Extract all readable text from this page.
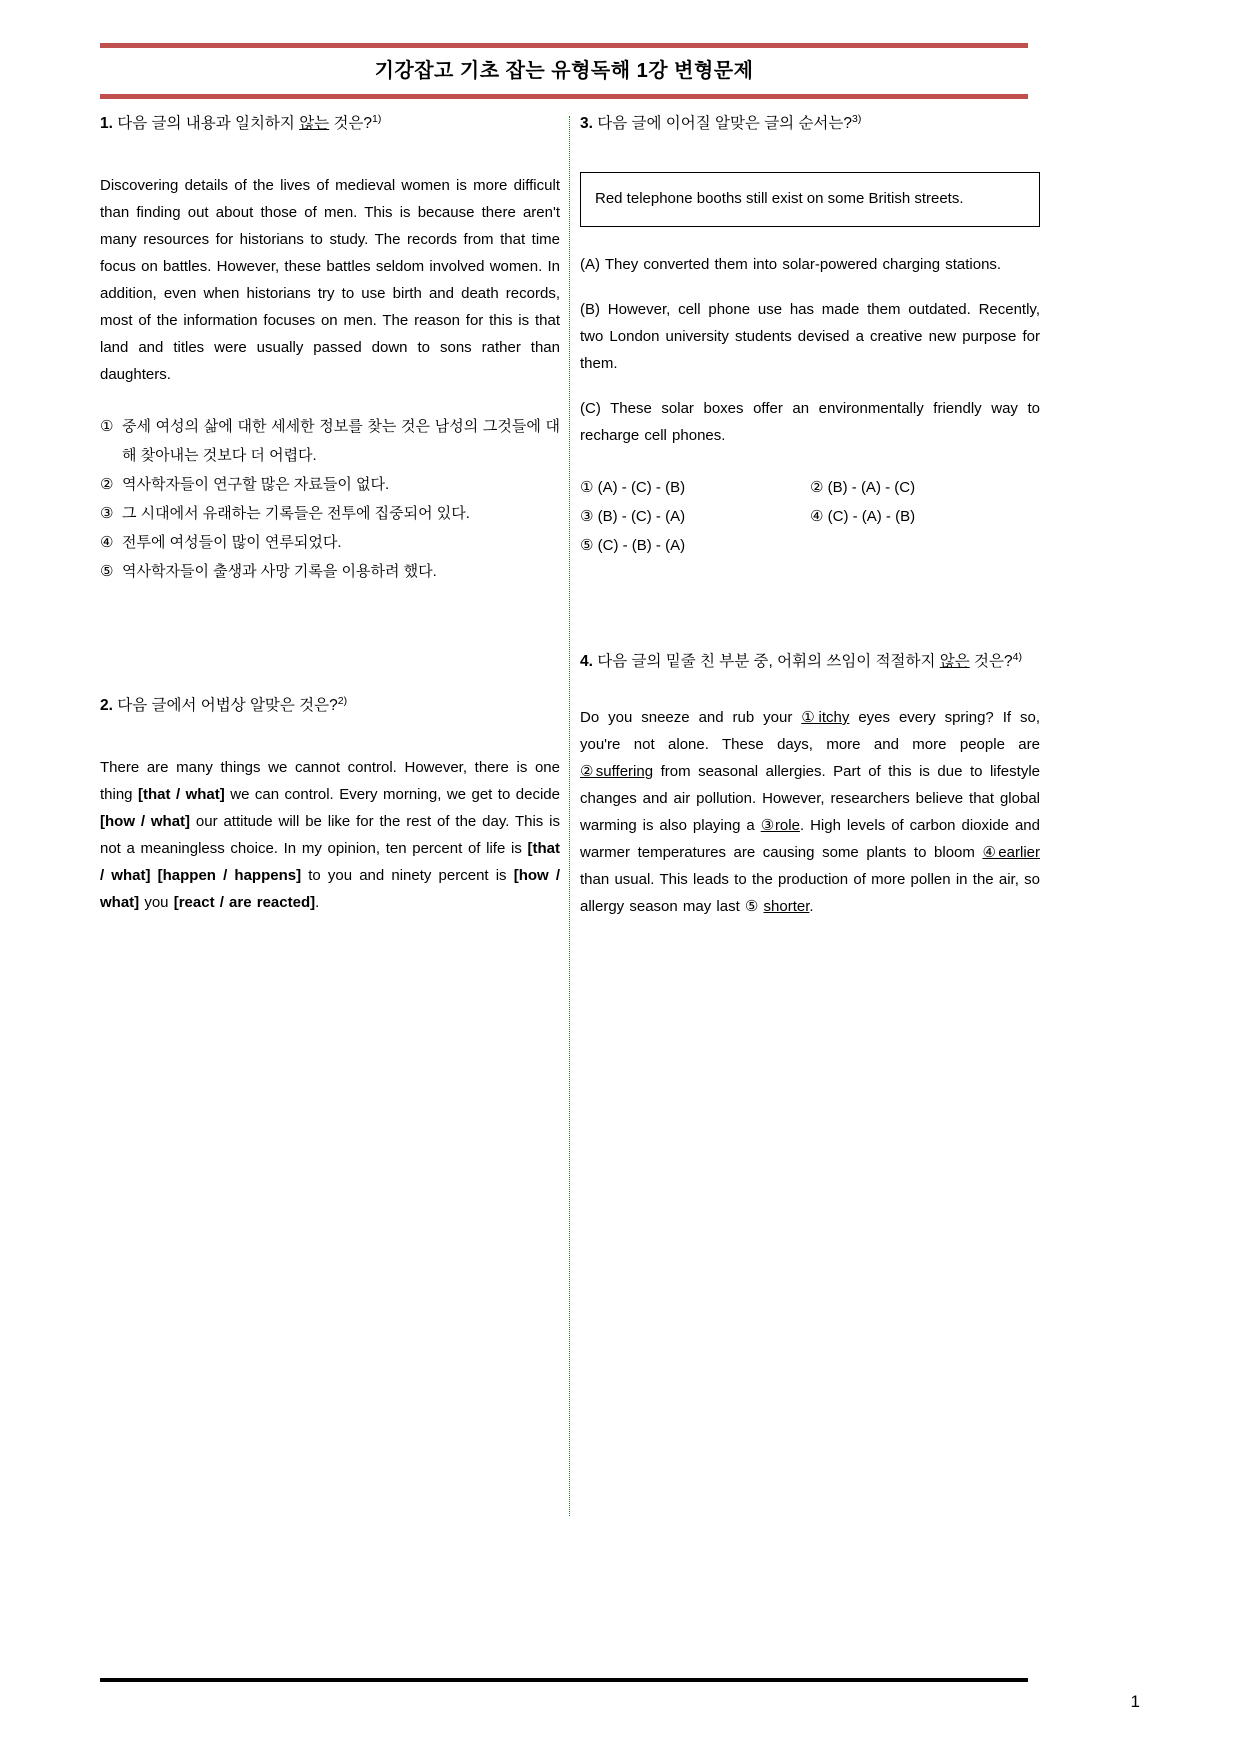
기강잡고 기초 잡는 유형독해 1강 변형문제
1. 다음 글의 내용과 일치하지 않는 것은?$^{1)}$
Discovering details of the lives of medieval women is more difficult than finding out about those of men. This is because there aren't many resources for historians to study. The records from that time focus on battles. However, these battles seldom involved women. In addition, even when historians try to use birth and death records, most of the information focuses on men. The reason for this is that land and titles were usually passed down to sons rather than daughters.
① 중세 여성의 삶에 대한 세세한 정보를 찾는 것은 남성의 그것들에 대해 찾아내는 것보다 더 어렵다.
② 역사학자들이 연구할 많은 자료들이 없다.
③ 그 시대에서 유래하는 기록들은 전투에 집중되어 있다.
④ 전투에 여성들이 많이 연루되었다.
⑤ 역사학자들이 출생과 사망 기록을 이용하려 했다.
2. 다음 글에서 어법상 알맞은 것은?$^{2)}$
There are many things we cannot control. However, there is one thing [that / what] we can control. Every morning, we get to decide [how / what] our attitude will be like for the rest of the day. This is not a meaningless choice. In my opinion, ten percent of life is [that / what] [happen / happens] to you and ninety percent is [how / what] you [react / are reacted].
3. 다음 글에 이어질 알맞은 글의 순서는?$^{3)}$
Red telephone booths still exist on some British streets.
(A) They converted them into solar-powered charging stations.
(B) However, cell phone use has made them outdated. Recently, two London university students devised a creative new purpose for them.
(C) These solar boxes offer an environmentally friendly way to recharge cell phones.
① (A) - (C) - (B)	② (B) - (A) - (C)
③ (B) - (C) - (A)	④ (C) - (A) - (B)
⑤ (C) - (B) - (A)
4. 다음 글의 밑줄 친 부분 중, 어휘의 쓰임이 적절하지 않은 것은?$^{4)}$
Do you sneeze and rub your ①itchy eyes every spring? If so, you're not alone. These days, more and more people are ②suffering from seasonal allergies. Part of this is due to lifestyle changes and air pollution. However, researchers believe that global warming is also playing a ③role. High levels of carbon dioxide and warmer temperatures are causing some plants to bloom ④earlier than usual. This leads to the production of more pollen in the air, so allergy season may last ⑤ shorter.
1
